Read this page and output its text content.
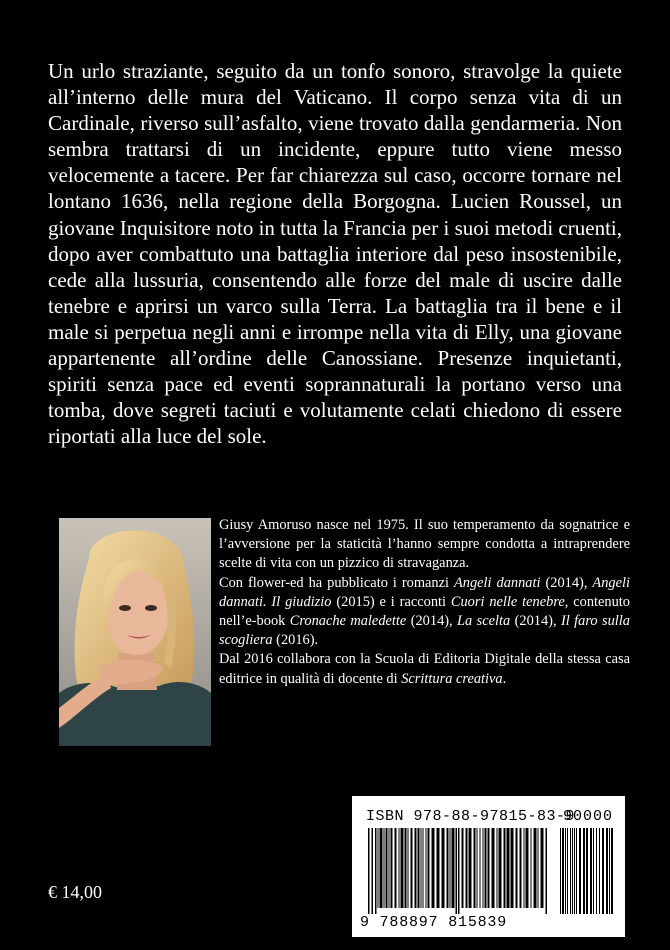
Un urlo straziante, seguito da un tonfo sonoro, stravolge la quiete all’interno delle mura del Vaticano. Il corpo senza vita di un Cardinale, riverso sull’asfalto, viene trovato dalla gendarmeria. Non sembra trattarsi di un incidente, eppure tutto viene messo velocemente a tacere. Per far chiarezza sul caso, occorre tornare nel lontano 1636, nella regione della Borgogna. Lucien Roussel, un giovane Inquisitore noto in tutta la Francia per i suoi metodi cruenti, dopo aver combattuto una battaglia interiore dal peso insostenibile, cede alla lussuria, consentendo alle forze del male di uscire dalle tenebre e aprirsi un varco sulla Terra. La battaglia tra il bene e il male si perpetua negli anni e irrompe nella vita di Elly, una giovane appartenente all’ordine delle Canossiane. Presenze inquietanti, spiriti senza pace ed eventi soprannaturali la portano verso una tomba, dove segreti taciuti e volutamente celati chiedono di essere riportati alla luce del sole.

Giusy Amoruso nasce nel 1975. Il suo temperamento da sognatrice e l’avversione per la staticità l’hanno sempre condotta a intraprendere scelte di vita con un pizzico di stravaganza.

Con flower-ed ha pubblicato i romanzi Angeli dannati (2014), Angeli dannati. Il giudizio (2015) e i racconti Cuori nelle tenebre, contenuto nell’e-book Cronache maledette (2014), La scelta (2014), Il faro sulla scogliera (2016).

Dal 2016 collabora con la Scuola di Editoria Digitale della stessa casa editrice in qualità di docente di Scrittura creativa.

ISBN 978-88-97815-83-9
90000
9 788897 815839
€ 14,00
